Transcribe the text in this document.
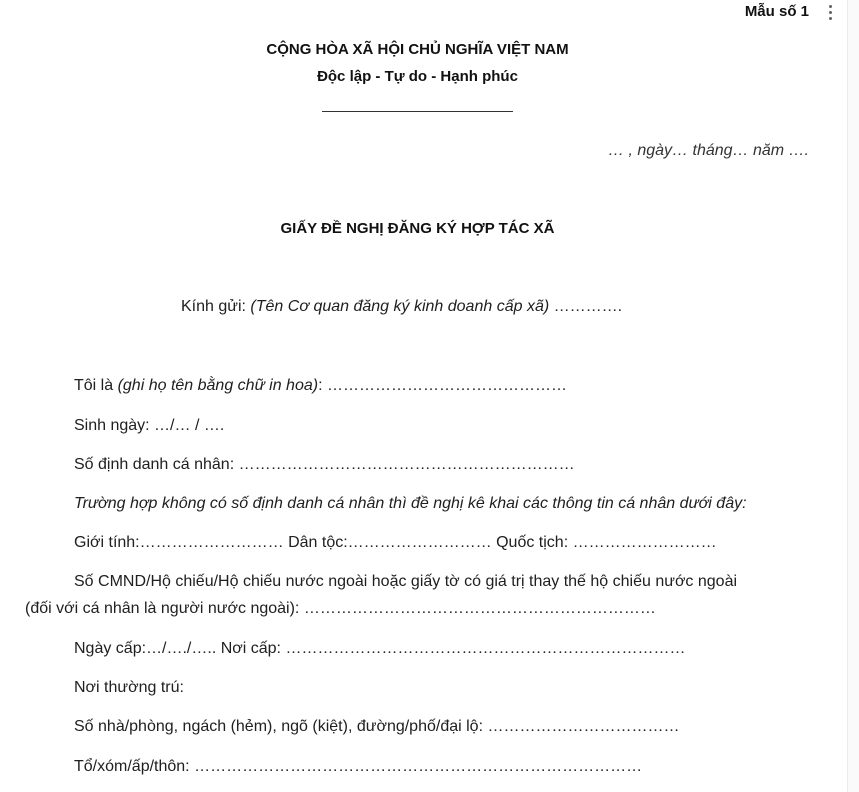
Mẫu số 1
CỘNG HÒA XÃ HỘI CHỦ NGHĨA VIỆT NAM
Độc lập - Tự do - Hạnh phúc
… , ngày… tháng… năm ….
GIẤY ĐỀ NGHỊ ĐĂNG KÝ HỢP TÁC XÃ
Kính gửi: (Tên Cơ quan đăng ký kinh doanh cấp xã) ………….
Tôi là (ghi họ tên bằng chữ in hoa): ………………………………………
Sinh ngày: …/… / ….
Số định danh cá nhân: ………………………………………………………
Trường hợp không có số định danh cá nhân thì đề nghị kê khai các thông tin cá nhân dưới đây:
Giới tính:……………………… Dân tộc:……………………… Quốc tịch: ………………………
Số CMND/Hộ chiếu/Hộ chiếu nước ngoài hoặc giấy tờ có giá trị thay thế hộ chiếu nước ngoài
(đối với cá nhân là người nước ngoài): …………………………………………………………
Ngày cấp:…/…./….. Nơi cấp: …………………………………………………………………
Nơi thường trú:
Số nhà/phòng, ngách (hẻm), ngõ (kiệt), đường/phố/đại lộ: ………………………………
Tổ/xóm/ấp/thôn: …………………………………………………………………………
